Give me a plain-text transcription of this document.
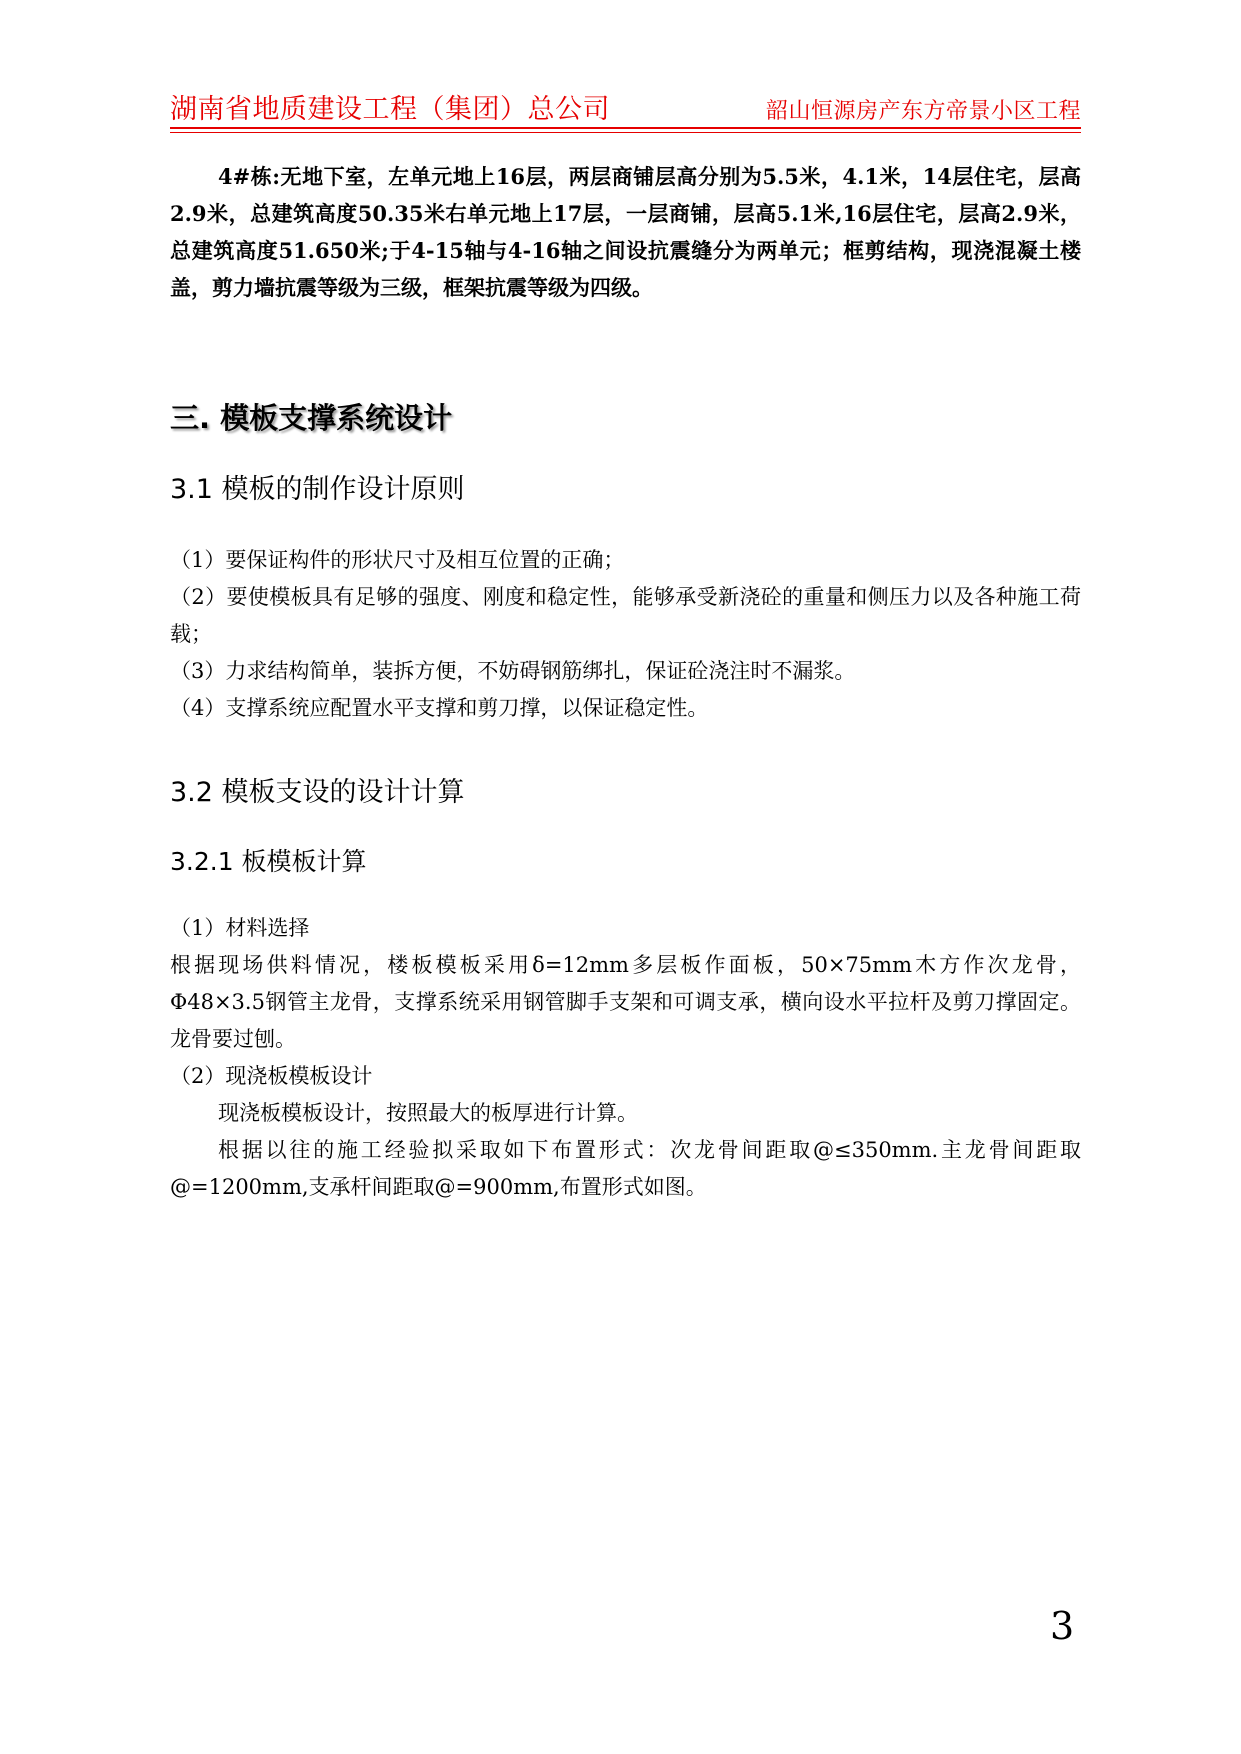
湖南省地质建设工程（集团）总公司	韶山恒源房产东方帝景小区工程

4#栋:无地下室，左单元地上16层，两层商铺层高分别为5.5米，4.1米，14层住宅，层高2.9米，总建筑高度50.35米右单元地上17层，一层商铺，层高5.1米,16层住宅，层高2.9米，总建筑高度51.650米;于4-15轴与4-16轴之间设抗震缝分为两单元；框剪结构，现浇混凝土楼盖，剪力墙抗震等级为三级，框架抗震等级为四级。

三. 模板支撑系统设计
3.1 模板的制作设计原则

（1）要保证构件的形状尺寸及相互位置的正确；

（2）要使模板具有足够的强度、刚度和稳定性，能够承受新浇砼的重量和侧压力以及各种施工荷载；

（3）力求结构简单，装拆方便，不妨碍钢筋绑扎，保证砼浇注时不漏浆。

（4）支撑系统应配置水平支撑和剪刀撑，以保证稳定性。

3.2 模板支设的设计计算
3.2.1 板模板计算

（1）材料选择

根据现场供料情况，楼板模板采用δ=12mm多层板作面板，50×75mm木方作次龙骨，Φ48×3.5钢管主龙骨，支撑系统采用钢管脚手支架和可调支承，横向设水平拉杆及剪刀撑固定。龙骨要过刨。

（2）现浇板模板设计

现浇板模板设计，按照最大的板厚进行计算。

根据以往的施工经验拟采取如下布置形式：次龙骨间距取@≤350mm.主龙骨间距取@=1200mm,支承杆间距取@=900mm,布置形式如图。

3
